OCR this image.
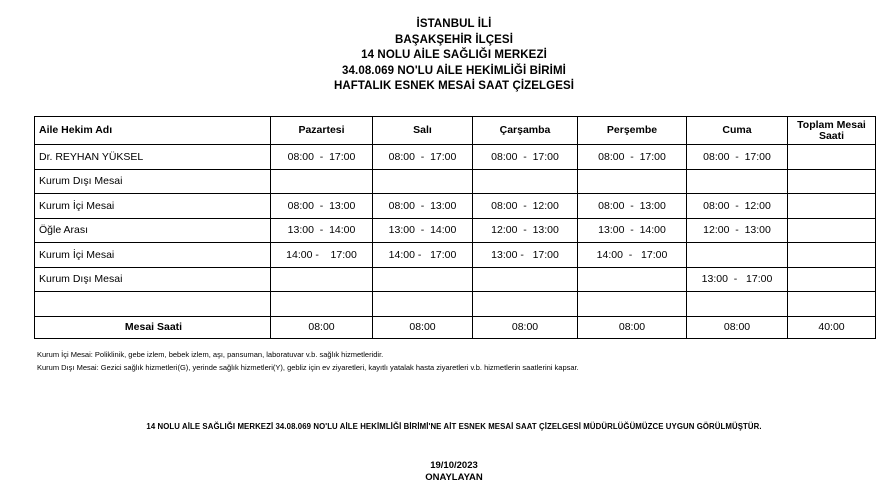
İSTANBUL İLİ
BAŞAKŞEHİR İLÇESİ
14 NOLU AİLE SAĞLIĞI MERKEZİ
34.08.069 NO'LU AİLE HEKİMLİĞİ BİRİMİ
HAFTALIK ESNEK MESAİ SAAT ÇİZELGESİ
Aile Hekim Adı	Pazartesi	Salı	Çarşamba	Perşembe	Cuma	Toplam Mesai Saati
Dr. REYHAN YÜKSEL	08:00  -  17:00	08:00  -  17:00	08:00  -  17:00	08:00  -  17:00	08:00  -  17:00	
Kurum Dışı Mesai						
Kurum İçi Mesai	08:00  -  13:00	08:00  -  13:00	08:00  -  12:00	08:00  -  13:00	08:00  -  12:00	
Öğle Arası	13:00  -  14:00	13:00  -  14:00	12:00  -  13:00	13:00  -  14:00	12:00  -  13:00	
Kurum İçi Mesai	14:00 -    17:00	14:00 -   17:00	13:00 -   17:00	14:00  -   17:00		
Kurum Dışı Mesai					13:00  -   17:00	

Mesai Saati	08:00	08:00	08:00	08:00	08:00	40:00
Kurum İçi Mesai: Poliklinik, gebe izlem, bebek izlem, aşı, pansuman, laboratuvar v.b. sağlık hizmetleridir.
Kurum Dışı Mesai: Gezici sağlık hizmetleri(G), yerinde sağlık hizmetleri(Y), gebliz için ev ziyaretleri, kayıtlı yatalak hasta ziyaretleri v.b. hizmetlerin saatlerini kapsar.
14 NOLU AİLE SAĞLIĞI MERKEZİ 34.08.069 NO'LU AİLE HEKİMLİĞİ BİRİMİ'NE AİT ESNEK MESAİ SAAT ÇİZELGESİ MÜDÜRLÜĞÜMÜZCE UYGUN GÖRÜLMÜŞTÜR.
19/10/2023
ONAYLAYAN
